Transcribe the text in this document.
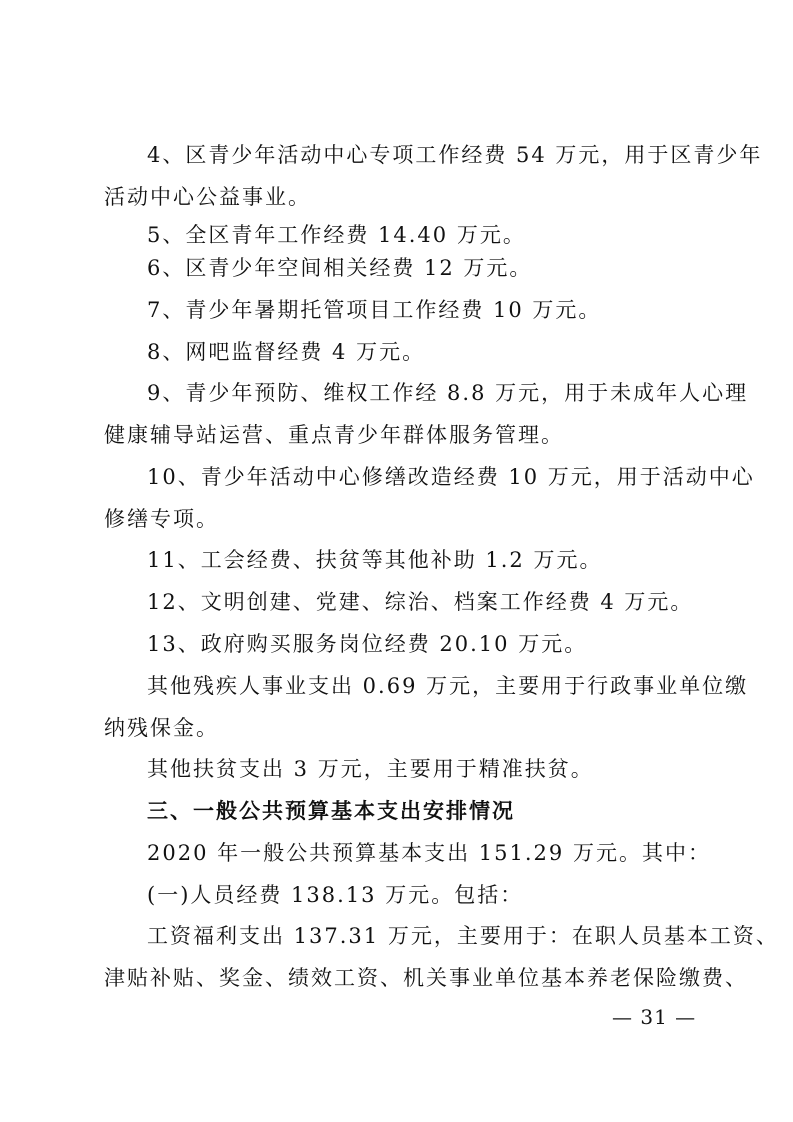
4、区青少年活动中心专项工作经费 54 万元，用于区青少年
活动中心公益事业。
5、全区青年工作经费 14.40 万元。
6、区青少年空间相关经费 12 万元。
7、青少年暑期托管项目工作经费 10 万元。
8、网吧监督经费 4 万元。
9、青少年预防、维权工作经 8.8 万元，用于未成年人心理
健康辅导站运营、重点青少年群体服务管理。
10、青少年活动中心修缮改造经费 10 万元，用于活动中心
修缮专项。
11、工会经费、扶贫等其他补助 1.2 万元。
12、文明创建、党建、综治、档案工作经费 4 万元。
13、政府购买服务岗位经费 20.10 万元。
其他残疾人事业支出 0.69 万元，主要用于行政事业单位缴
纳残保金。
其他扶贫支出 3 万元，主要用于精准扶贫。
三、一般公共预算基本支出安排情况
2020 年一般公共预算基本支出 151.29 万元。其中：
(一)人员经费 138.13 万元。包括：
工资福利支出 137.31 万元，主要用于：在职人员基本工资、
津贴补贴、奖金、绩效工资、机关事业单位基本养老保险缴费、
— 31 —
